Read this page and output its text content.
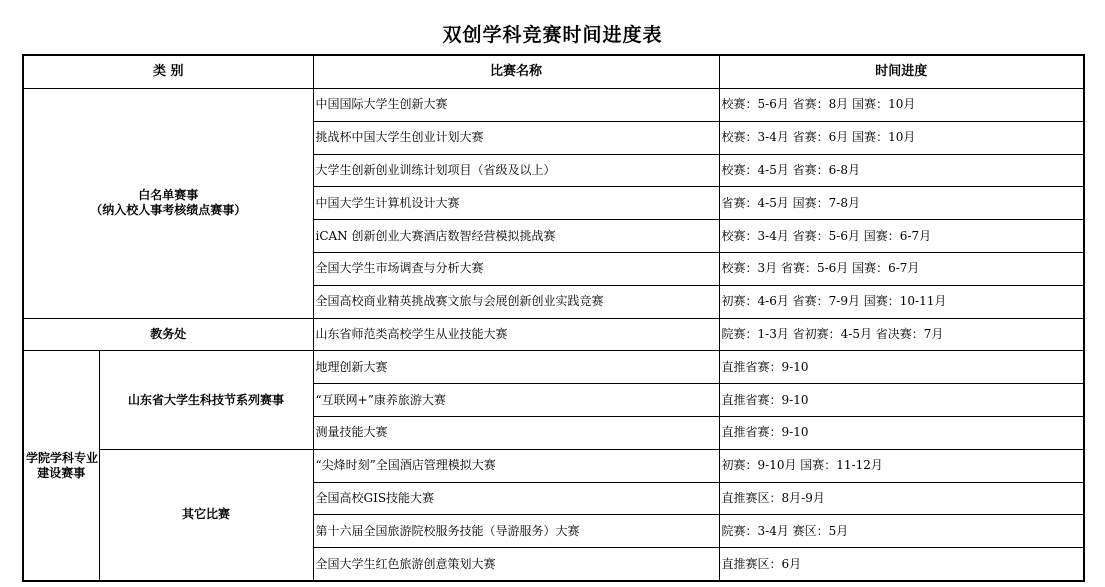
双创学科竞赛时间进度表
类 别		比赛名称	时间进度

白名单赛事
（纳入校人事考核绩点赛事）		中国国际大学生创新大赛	校赛：5-6月 省赛：8月 国赛：10月
		挑战杯中国大学生创业计划大赛	校赛：3-4月 省赛：6月 国赛：10月
		大学生创新创业训练计划项目（省级及以上）	校赛：4-5月 省赛：6-8月
		中国大学生计算机设计大赛	省赛：4-5月 国赛：7-8月
		iCAN 创新创业大赛酒店数智经营模拟挑战赛	校赛：3-4月 省赛：5-6月 国赛：6-7月
		全国大学生市场调查与分析大赛	校赛：3月 省赛：5-6月 国赛：6-7月
		全国高校商业精英挑战赛文旅与会展创新创业实践竞赛	初赛：4-6月 省赛：7-9月 国赛：10-11月
教务处		山东省师范类高校学生从业技能大赛	院赛：1-3月 省初赛：4-5月 省决赛：7月

学院学科专业
建设赛事	山东省大学生科技节系列赛事	地理创新大赛	直推省赛：9-10
		“互联网+”康养旅游大赛	直推省赛：9-10
		测量技能大赛	直推省赛：9-10
	其它比赛	“尖烽时刻”全国酒店管理模拟大赛	初赛：9-10月 国赛：11-12月
		全国高校GIS技能大赛	直推赛区：8月-9月
		第十六届全国旅游院校服务技能（导游服务）大赛	院赛：3-4月 赛区：5月
		全国大学生红色旅游创意策划大赛	直推赛区：6月
